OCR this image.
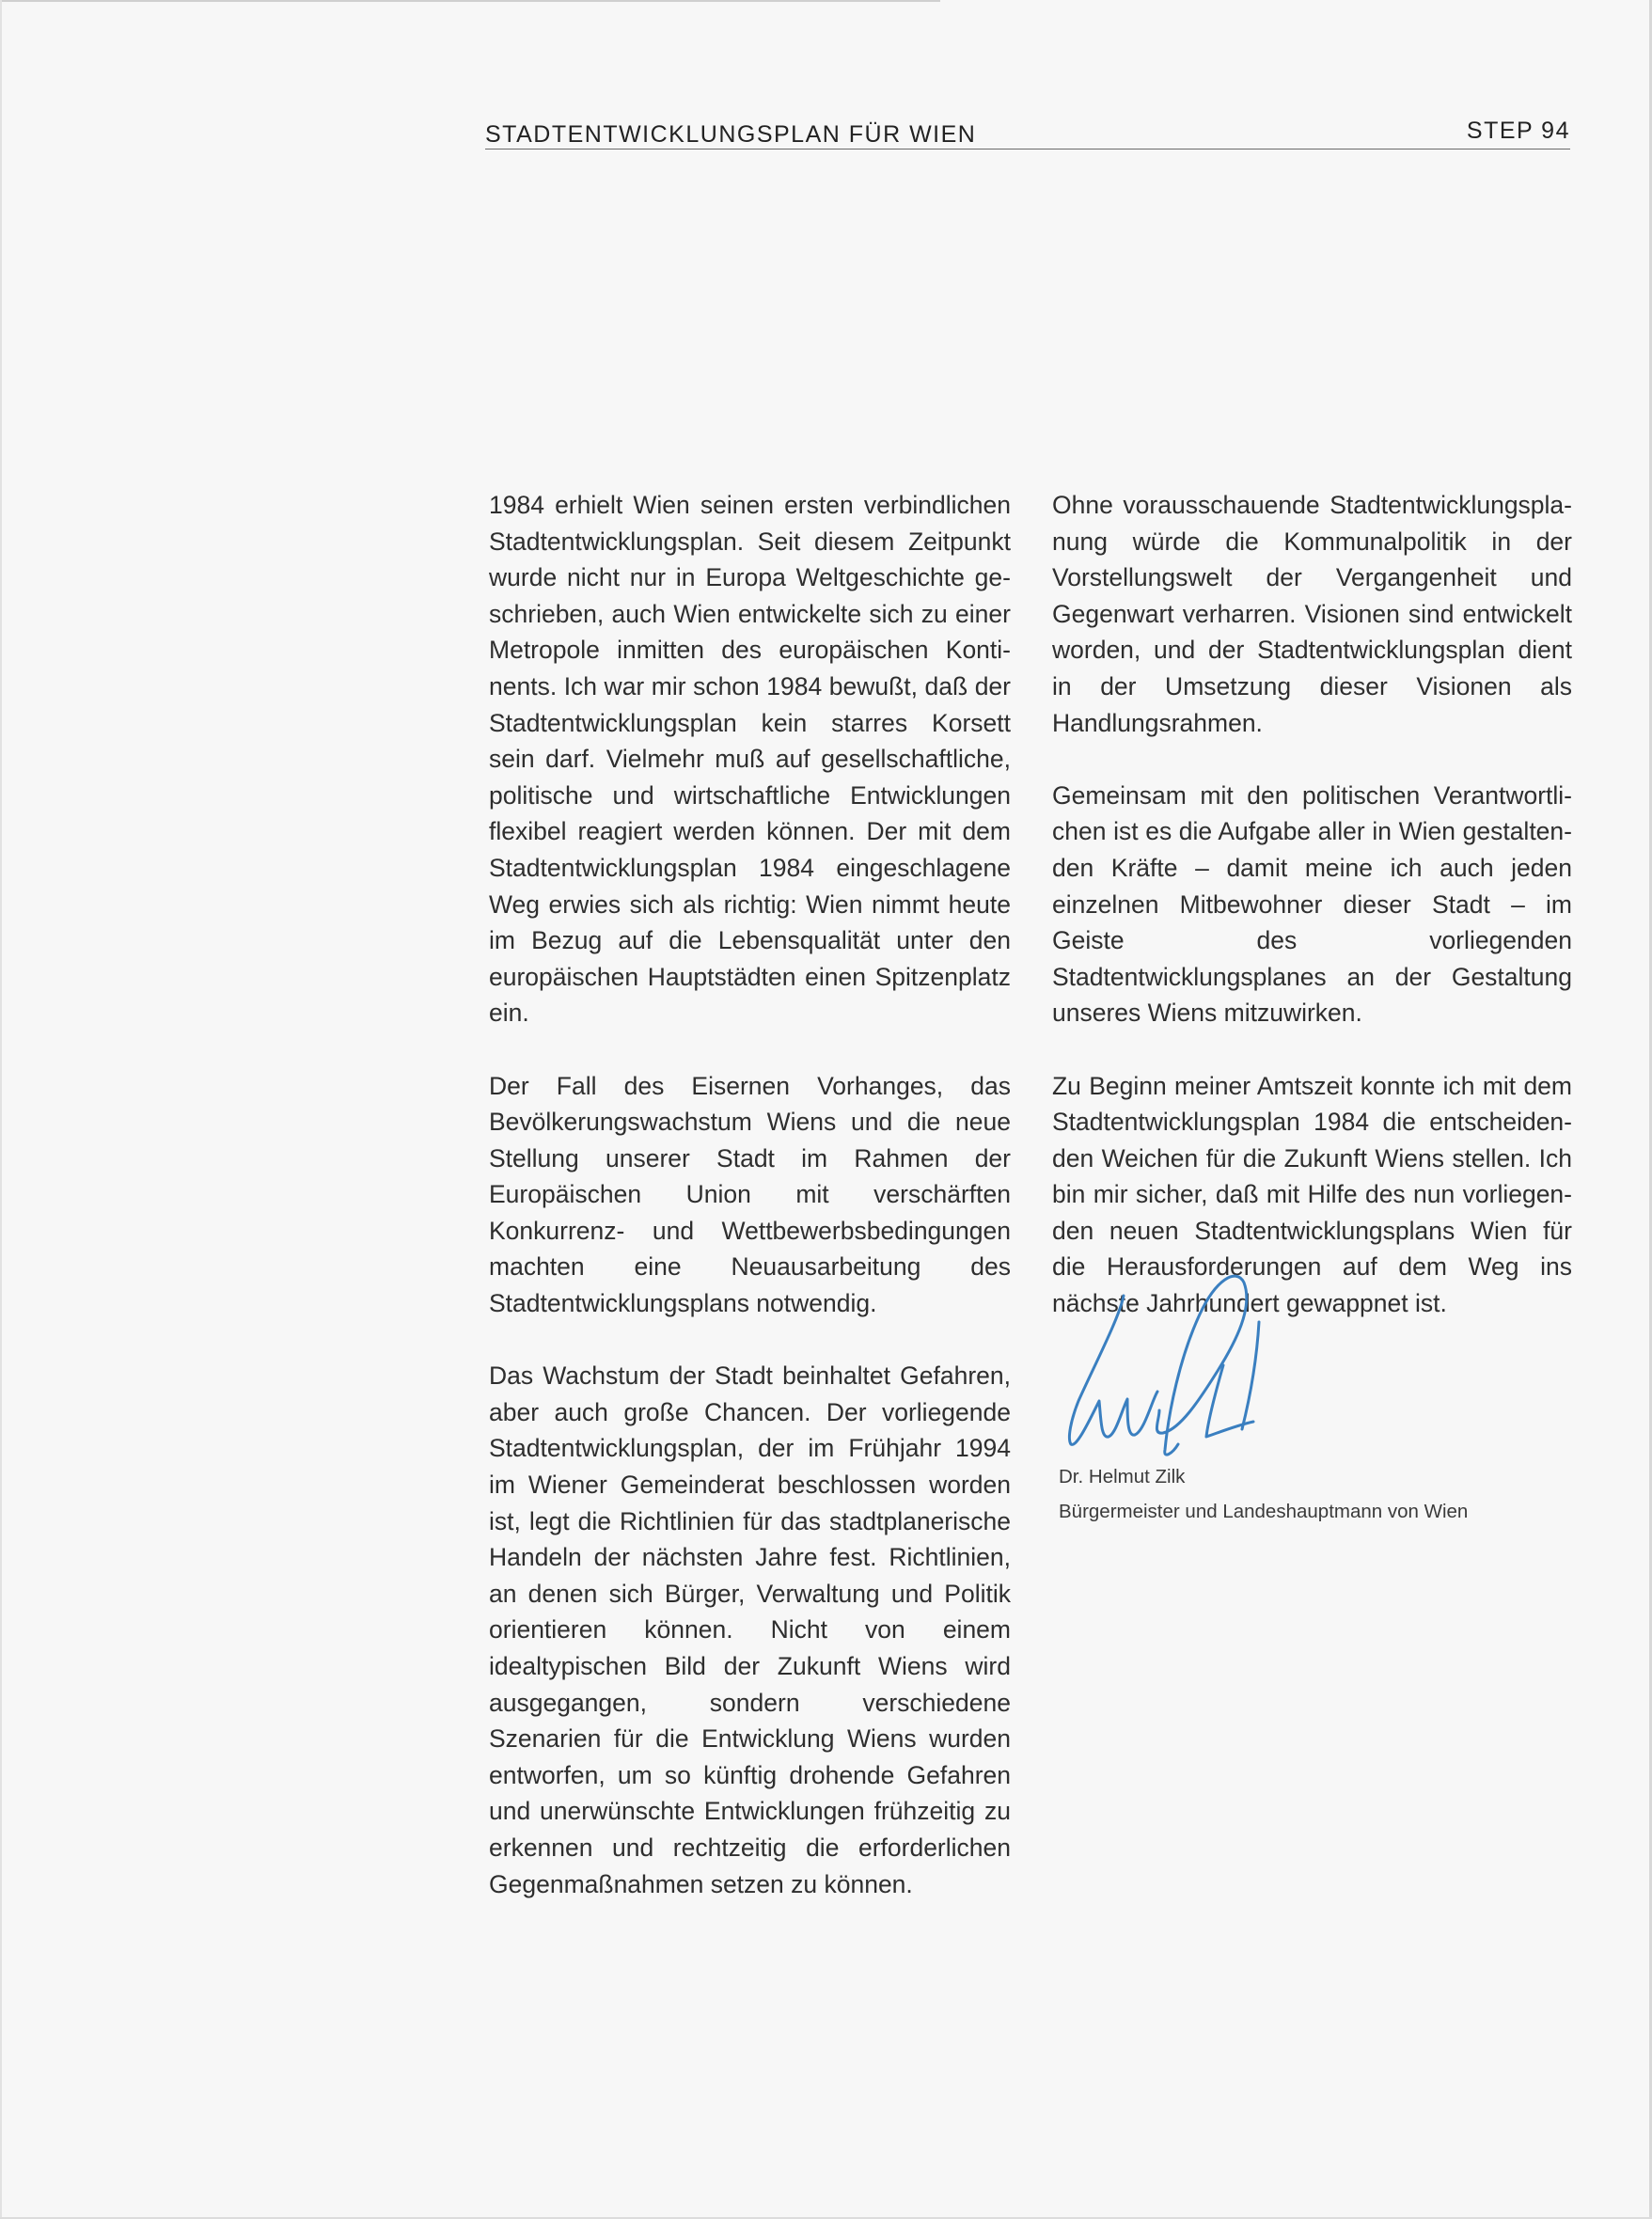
STADTENTWICKLUNGSPLAN FÜR WIEN	STEP 94

1984 erhielt Wien seinen ersten verbindlichen Stadtentwicklungsplan. Seit diesem Zeitpunkt wurde nicht nur in Europa Weltgeschichte geschrieben, auch Wien entwickelte sich zu einer Metropole inmitten des europäischen Kontinents. Ich war mir schon 1984 bewußt, daß der Stadtentwicklungsplan kein starres Korsett sein darf. Vielmehr muß auf gesellschaftliche, politische und wirtschaftliche Entwicklungen flexibel reagiert werden können. Der mit dem Stadtentwicklungsplan 1984 eingeschlagene Weg erwies sich als richtig: Wien nimmt heute im Bezug auf die Lebensqualität unter den europäischen Hauptstädten einen Spitzenplatz ein.

Der Fall des Eisernen Vorhanges, das Bevölkerungswachstum Wiens und die neue Stellung unserer Stadt im Rahmen der Europäischen Union mit verschärften Konkurrenz- und Wettbewerbsbedingungen machten eine Neuausarbeitung des Stadtentwicklungsplans notwendig.

Das Wachstum der Stadt beinhaltet Gefahren, aber auch große Chancen. Der vorliegende Stadtentwicklungsplan, der im Frühjahr 1994 im Wiener Gemeinderat beschlossen worden ist, legt die Richtlinien für das stadtplanerische Handeln der nächsten Jahre fest. Richtlinien, an denen sich Bürger, Verwaltung und Politik orientieren können. Nicht von einem idealtypischen Bild der Zukunft Wiens wird ausgegangen, sondern verschiedene Szenarien für die Entwicklung Wiens wurden entworfen, um so künftig drohende Gefahren und unerwünschte Entwicklungen frühzeitig zu erkennen und rechtzeitig die erforderlichen Gegenmaßnahmen setzen zu können.

Ohne vorausschauende Stadtentwicklungsplanung würde die Kommunalpolitik in der Vorstellungswelt der Vergangenheit und Gegenwart verharren. Visionen sind entwickelt worden, und der Stadtentwicklungsplan dient in der Umsetzung dieser Visionen als Handlungsrahmen.

Gemeinsam mit den politischen Verantwortlichen ist es die Aufgabe aller in Wien gestaltenden Kräfte – damit meine ich auch jeden einzelnen Mitbewohner dieser Stadt – im Geiste des vorliegenden Stadtentwicklungsplanes an der Gestaltung unseres Wiens mitzuwirken.

Zu Beginn meiner Amtszeit konnte ich mit dem Stadtentwicklungsplan 1984 die entscheidenden Weichen für die Zukunft Wiens stellen. Ich bin mir sicher, daß mit Hilfe des nun vorliegenden neuen Stadtentwicklungsplans Wien für die Herausforderungen auf dem Weg ins nächste Jahrhundert gewappnet ist.

Dr. Helmut Zilk
Bürgermeister und Landeshauptmann von Wien
